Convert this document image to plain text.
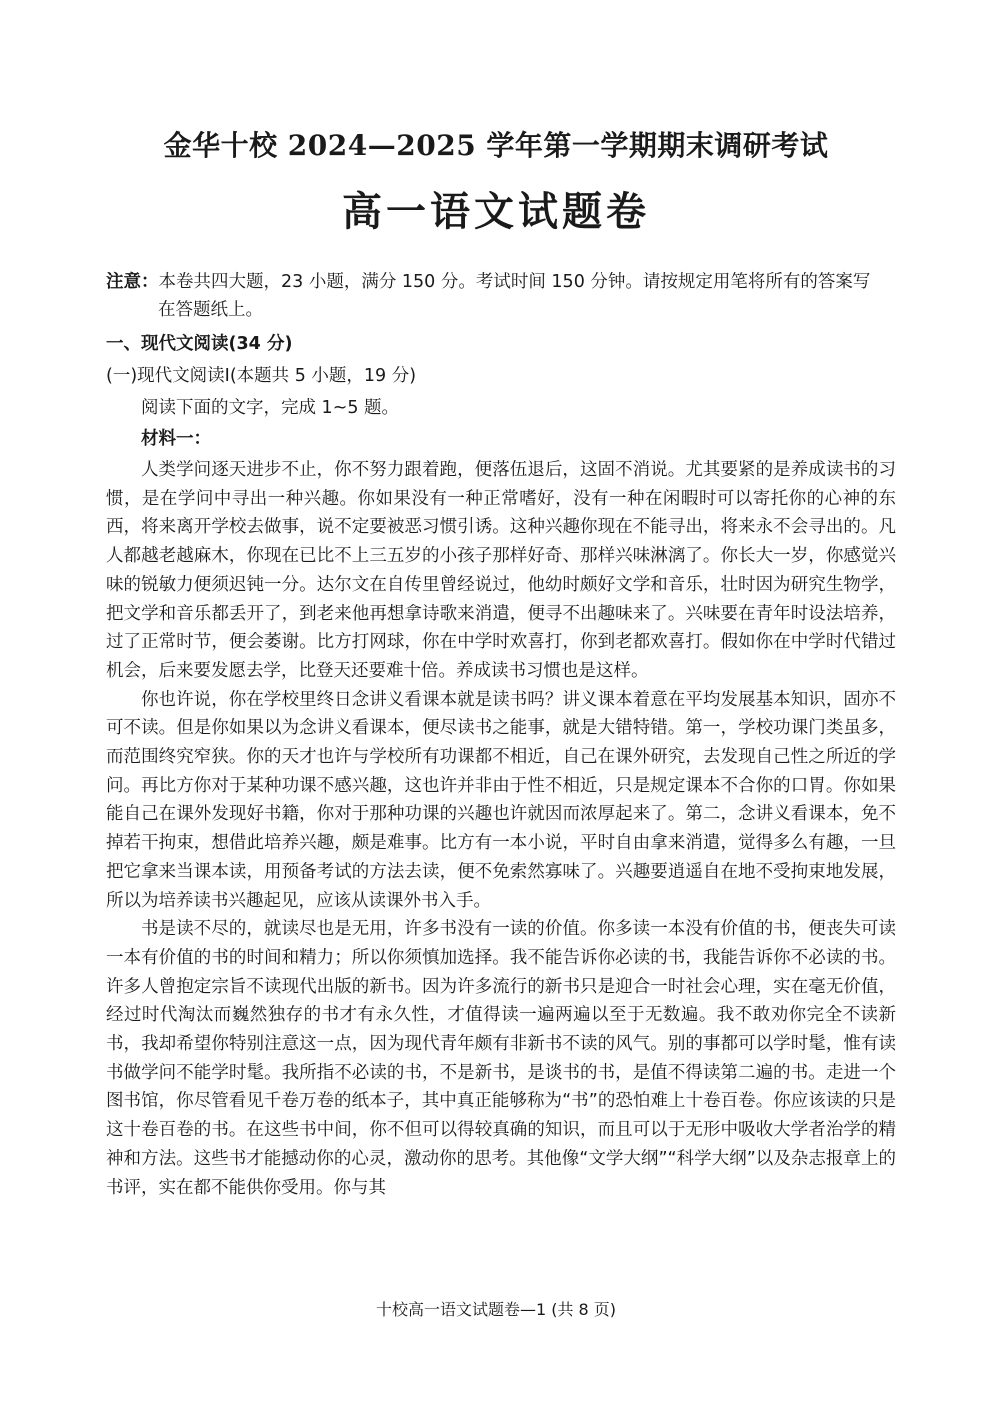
金华十校 2024—2025 学年第一学期期末调研考试
高一语文试题卷
注意：本卷共四大题，23 小题，满分 150 分。考试时间 150 分钟。请按规定用笔将所有的答案写
在答题纸上。
一、现代文阅读(34 分)
(一)现代文阅读Ⅰ(本题共 5 小题，19 分)
阅读下面的文字，完成 1~5 题。
材料一：

人类学问逐天进步不止，你不努力跟着跑，便落伍退后，这固不消说。尤其要紧的是养成读书的习惯，是在学问中寻出一种兴趣。你如果没有一种正常嗜好，没有一种在闲暇时可以寄托你的心神的东西，将来离开学校去做事，说不定要被恶习惯引诱。这种兴趣你现在不能寻出，将来永不会寻出的。凡人都越老越麻木，你现在已比不上三五岁的小孩子那样好奇、那样兴味淋漓了。你长大一岁，你感觉兴味的锐敏力便须迟钝一分。达尔文在自传里曾经说过，他幼时颇好文学和音乐，壮时因为研究生物学，把文学和音乐都丢开了，到老来他再想拿诗歌来消遣，便寻不出趣味来了。兴味要在青年时设法培养，过了正常时节，便会萎谢。比方打网球，你在中学时欢喜打，你到老都欢喜打。假如你在中学时代错过机会，后来要发愿去学，比登天还要难十倍。养成读书习惯也是这样。

你也许说，你在学校里终日念讲义看课本就是读书吗？讲义课本着意在平均发展基本知识，固亦不可不读。但是你如果以为念讲义看课本，便尽读书之能事，就是大错特错。第一，学校功课门类虽多，而范围终究窄狭。你的天才也许与学校所有功课都不相近，自己在课外研究，去发现自己性之所近的学问。再比方你对于某种功课不感兴趣，这也许并非由于性不相近，只是规定课本不合你的口胃。你如果能自己在课外发现好书籍，你对于那种功课的兴趣也许就因而浓厚起来了。第二，念讲义看课本，免不掉若干拘束，想借此培养兴趣，颇是难事。比方有一本小说，平时自由拿来消遣，觉得多么有趣，一旦把它拿来当课本读，用预备考试的方法去读，便不免索然寡味了。兴趣要逍遥自在地不受拘束地发展，所以为培养读书兴趣起见，应该从读课外书入手。

书是读不尽的，就读尽也是无用，许多书没有一读的价值。你多读一本没有价值的书，便丧失可读一本有价值的书的时间和精力；所以你须慎加选择。我不能告诉你必读的书，我能告诉你不必读的书。许多人曾抱定宗旨不读现代出版的新书。因为许多流行的新书只是迎合一时社会心理，实在毫无价值，经过时代淘汰而巍然独存的书才有永久性，才值得读一遍两遍以至于无数遍。我不敢劝你完全不读新书，我却希望你特别注意这一点，因为现代青年颇有非新书不读的风气。别的事都可以学时髦，惟有读书做学问不能学时髦。我所指不必读的书，不是新书，是谈书的书，是值不得读第二遍的书。走进一个图书馆，你尽管看见千卷万卷的纸本子，其中真正能够称为“书”的恐怕难上十卷百卷。你应该读的只是这十卷百卷的书。在这些书中间，你不但可以得较真确的知识，而且可以于无形中吸收大学者治学的精神和方法。这些书才能撼动你的心灵，激动你的思考。其他像“文学大纲”“科学大纲”以及杂志报章上的书评，实在都不能供你受用。你与其

十校高一语文试题卷—1 (共 8 页)
